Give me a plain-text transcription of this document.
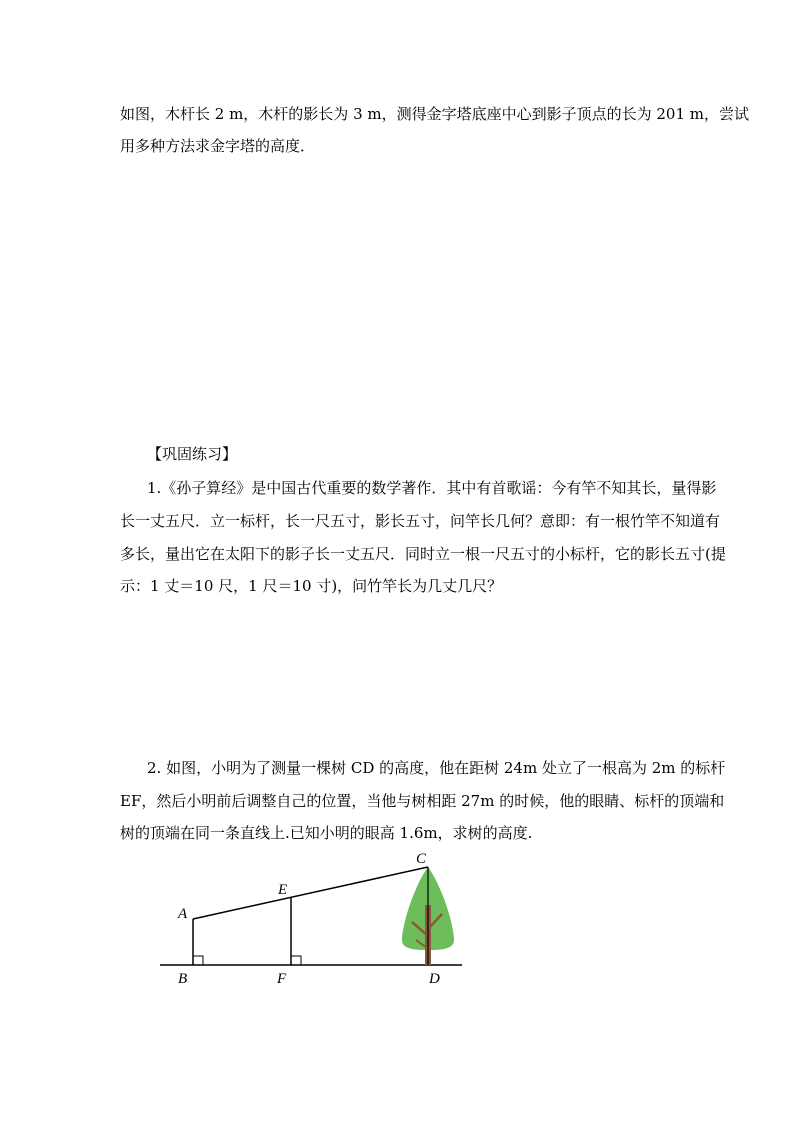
如图，木杆长 2 m，木杆的影长为 3 m，测得金字塔底座中心到影子顶点的长为 201 m，尝试
用多种方法求金字塔的高度．
【巩固练习】
1.《孙子算经》是中国古代重要的数学著作．其中有首歌谣：今有竿不知其长，量得影
长一丈五尺．立一标杆，长一尺五寸，影长五寸，问竿长几何？意即：有一根竹竿不知道有
多长，量出它在太阳下的影子长一丈五尺．同时立一根一尺五寸的小标杆，它的影长五寸(提
示：1 丈＝10 尺，1 尺＝10 寸)，问竹竿长为几丈几尺？
2. 如图，小明为了测量一棵树 CD 的高度，他在距树 24m 处立了一根高为 2m 的标杆
EF，然后小明前后调整自己的位置，当他与树相距 27m 的时候，他的眼睛、标杆的顶端和
树的顶端在同一条直线上.已知小明的眼高 1.6m，求树的高度.
A
B
C
D
E
F
